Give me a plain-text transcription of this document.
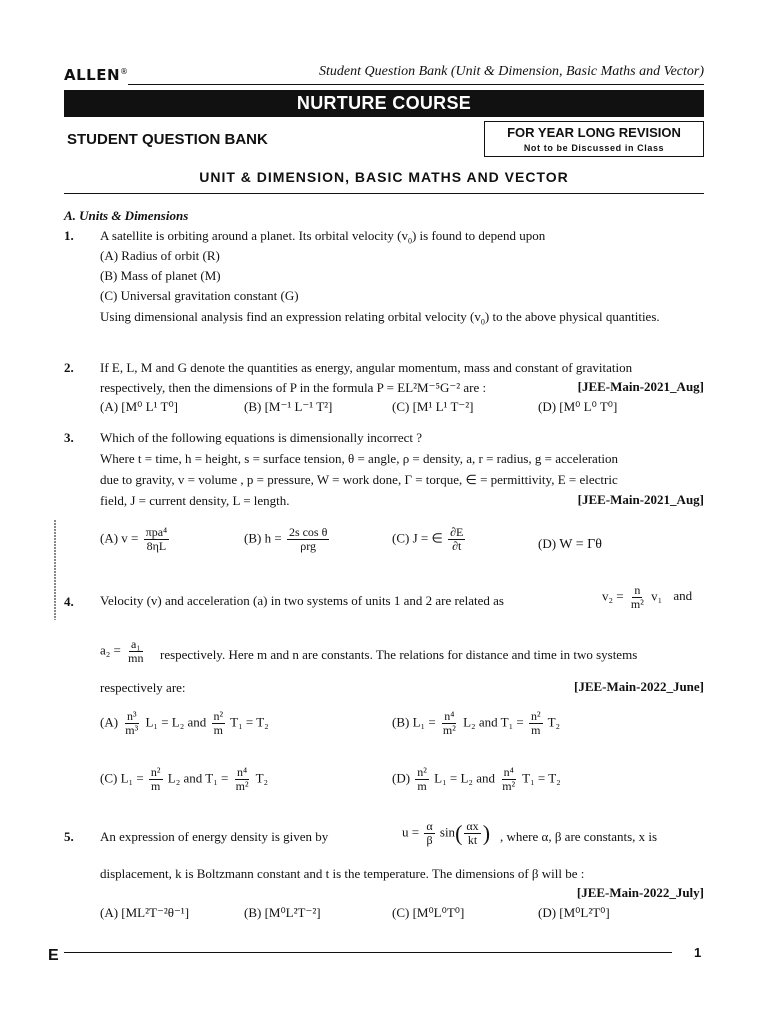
ALLEN®	Student Question Bank (Unit & Dimension, Basic Maths and Vector)
NURTURE COURSE
STUDENT QUESTION BANK	FOR YEAR LONG REVISION
Not to be Discussed in Class
UNIT & DIMENSION, BASIC MATHS AND VECTOR
A. Units & Dimensions
1. A satellite is orbiting around a planet. Its orbital velocity $(v_0)$ is found to depend upon
(A) Radius of orbit (R)
(B) Mass of planet (M)
(C) Universal gravitation constant (G)
Using dimensional analysis find an expression relating orbital velocity $(v_0)$ to the above physical quantities.
2. If E, L, M and G denote the quantities as energy, angular momentum, mass and constant of gravitation
respectively, then the dimensions of P in the formula P = EL²M⁻⁵G⁻² are :	[JEE-Main-2021_Aug]
(A) [M⁰ L¹ T⁰]	(B) [M⁻¹ L⁻¹ T²]	(C) [M¹ L¹ T⁻²]	(D) [M⁰ L⁰ T⁰]
3. Which of the following equations is dimensionally incorrect ?
Where t = time, h = height, s = surface tension, θ = angle, ρ = density, a, r = radius, g = acceleration
due to gravity, v = volume , p = pressure, W = work done, Γ = torque, ∈ = permittivity, E = electric
field, J = current density, L = length.	[JEE-Main-2021_Aug]
(A) $v = \frac{\text{πpa⁴}}{8\eta L}$	(B) $h = \frac{\text{2s cos θ}}{\text{ρrg}}$	(C) J = ∈ $\frac{\partial E}{\partial t}$	(D) W = Γθ
4. Velocity (v) and acceleration (a) in two systems of units 1 and 2 are related as	$v_2 = \frac{n}{\text{m²}} v_1$ and
$a_2 = \frac{\text{a₁}}{mn}$ respectively. Here m and n are constants. The relations for distance and time in two systems
respectively are:	[JEE-Main-2022_June]
$(A) \frac{\text{n³}}{\text{m³}} L_1 = L_2$ and $\frac{\text{n²}}{m} T_1 = T_2$	(B) $L_1 = \frac{\text{n⁴}}{\text{m²}} L_2$ and $T_1 = \frac{\text{n²}}{m} T_2$
(C) $L_1 = \frac{\text{n²}}{m} L_2$ and $T_1 = \frac{\text{n⁴}}{\text{m²}} T_2$	$(D) \frac{\text{n²}}{m} L_1 = L_2$ and $\frac{\text{n⁴}}{\text{m²}} T_1 = T_2$
5. An expression of energy density is given by	$u = \frac{\alpha}{\beta} \sin( \frac{\alpha x}{kt}$ ) , where α, β are constants, x is
displacement, k is Boltzmann constant and t is the temperature. The dimensions of β will be :
[JEE-Main-2022_July]
(A) [ML²T⁻²θ⁻¹]	(B) [M⁰L²T⁻²]	(C) [M⁰L⁰T⁰]	(D) [M⁰L²T⁰]
E	1
